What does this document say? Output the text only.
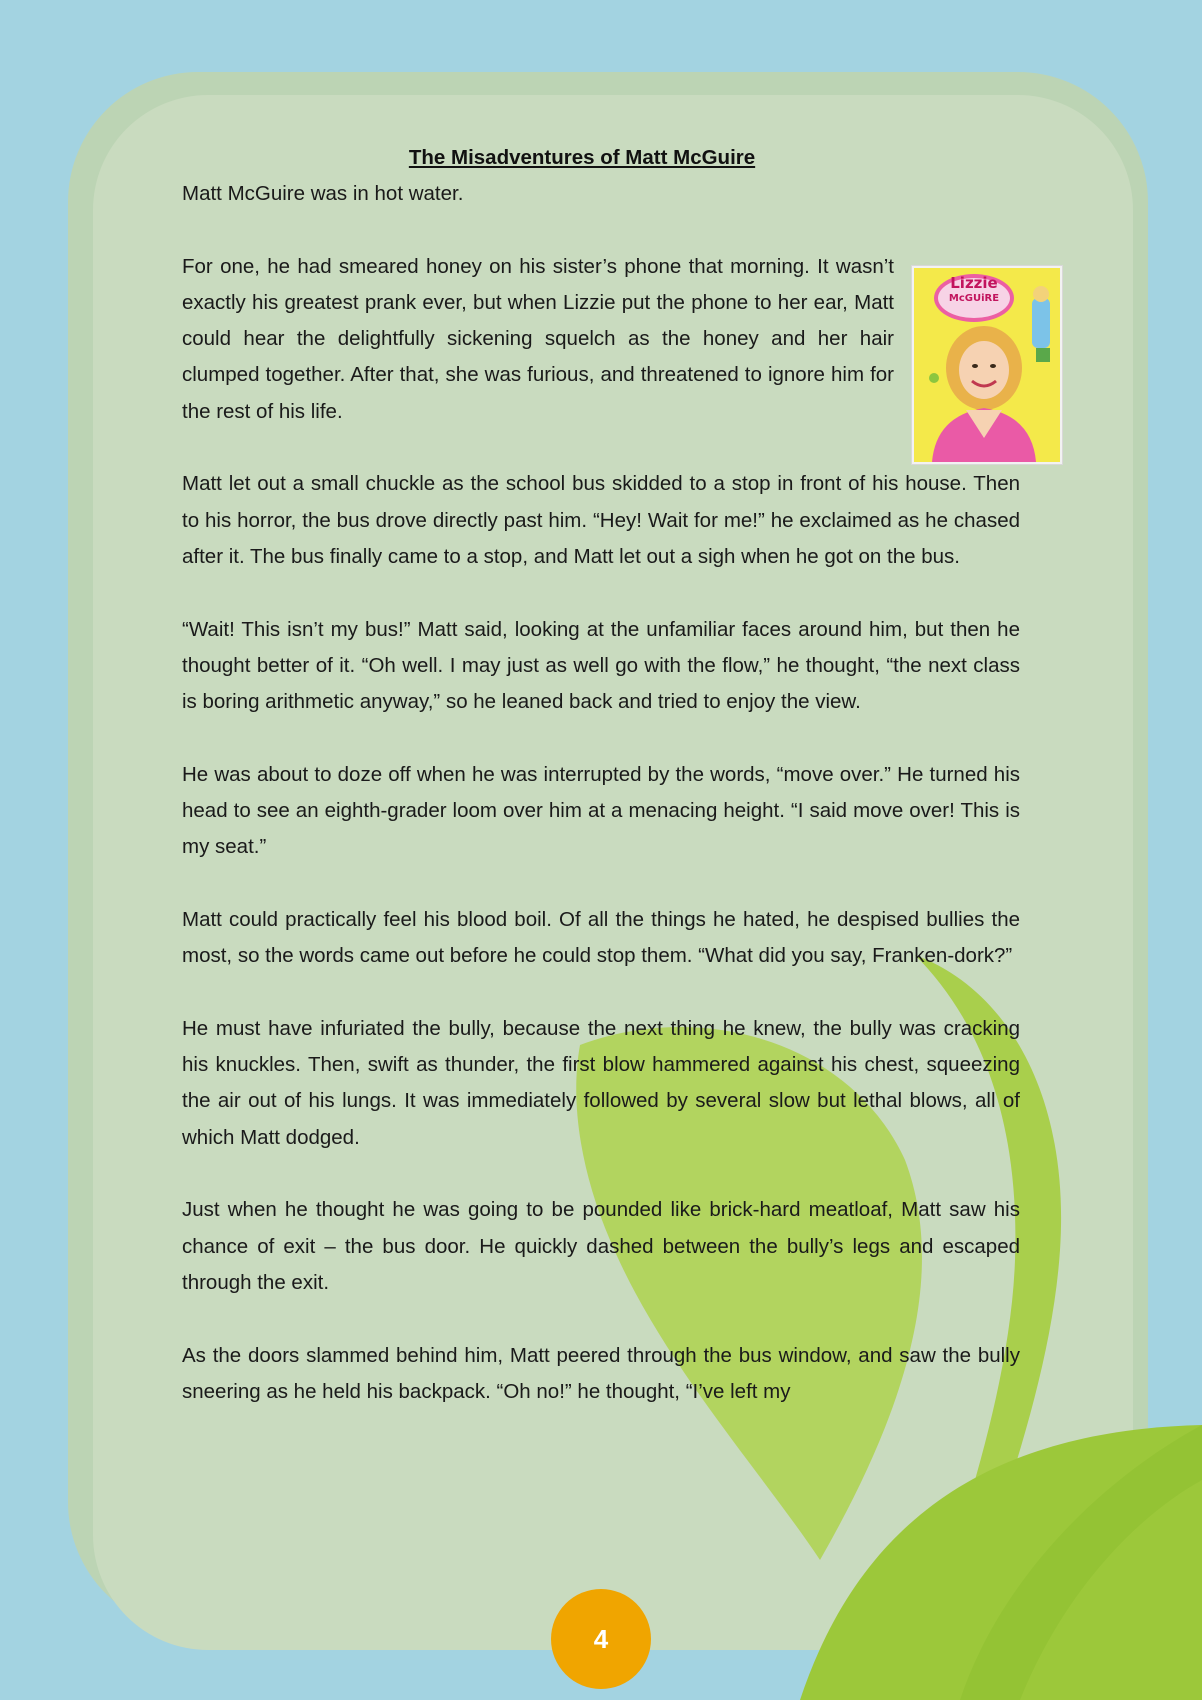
The Misadventures of Matt McGuire

Matt McGuire was in hot water.

For one, he had smeared honey on his sister’s phone that morning. It wasn’t exactly his greatest prank ever, but when Lizzie put the phone to her ear, Matt could hear the delightfully sickening squelch as the honey and her hair clumped together. After that, she was furious, and threatened to ignore him for the rest of his life.

Matt let out a small chuckle as the school bus skidded to a stop in front of his house. Then to his horror, the bus drove directly past him. “Hey! Wait for me!” he exclaimed as he chased after it. The bus finally came to a stop, and Matt let out a sigh when he got on the bus.

“Wait! This isn’t my bus!” Matt said, looking at the unfamiliar faces around him, but then he thought better of it. “Oh well. I may just as well go with the flow,” he thought, “the next class is boring arithmetic anyway,” so he leaned back and tried to enjoy the view.

He was about to doze off when he was interrupted by the words, “move over.” He turned his head to see an eighth-grader loom over him at a menacing height. “I said move over! This is my seat.”

Matt could practically feel his blood boil. Of all the things he hated, he despised bullies the most, so the words came out before he could stop them. “What did you say, Franken-dork?”

He must have infuriated the bully, because the next thing he knew, the bully was cracking his knuckles. Then, swift as thunder, the first blow hammered against his chest, squeezing the air out of his lungs. It was immediately followed by several slow but lethal blows, all of which Matt dodged.

Just when he thought he was going to be pounded like brick-hard meatloaf, Matt saw his chance of exit – the bus door. He quickly dashed between the bully’s legs and escaped through the exit.

As the doors slammed behind him, Matt peered through the bus window, and saw the bully sneering as he held his backpack. “Oh no!” he thought, “I’ve left my

Lizzie
McGUiRE
4
